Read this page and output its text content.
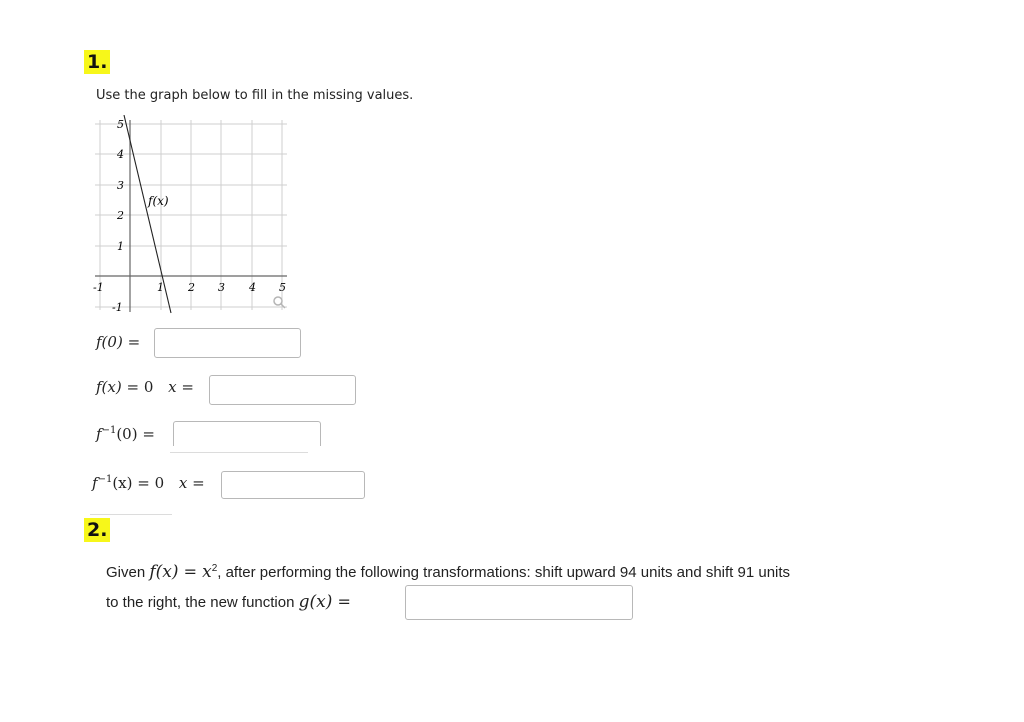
1.
Use the graph below to fill in the missing values.
-1	1 2 3 4 5
5
4
3
2
1
-1
f(x)
f(0) =
f(x) = 0 x =
$f^{-1}(0)$ =
$f^{-1}(x) = 0$ x =
2.
Given $f(x) = x^2$, after performing the following transformations: shift upward 94 units and shift 91 units
to the right, the new function g(x) =
